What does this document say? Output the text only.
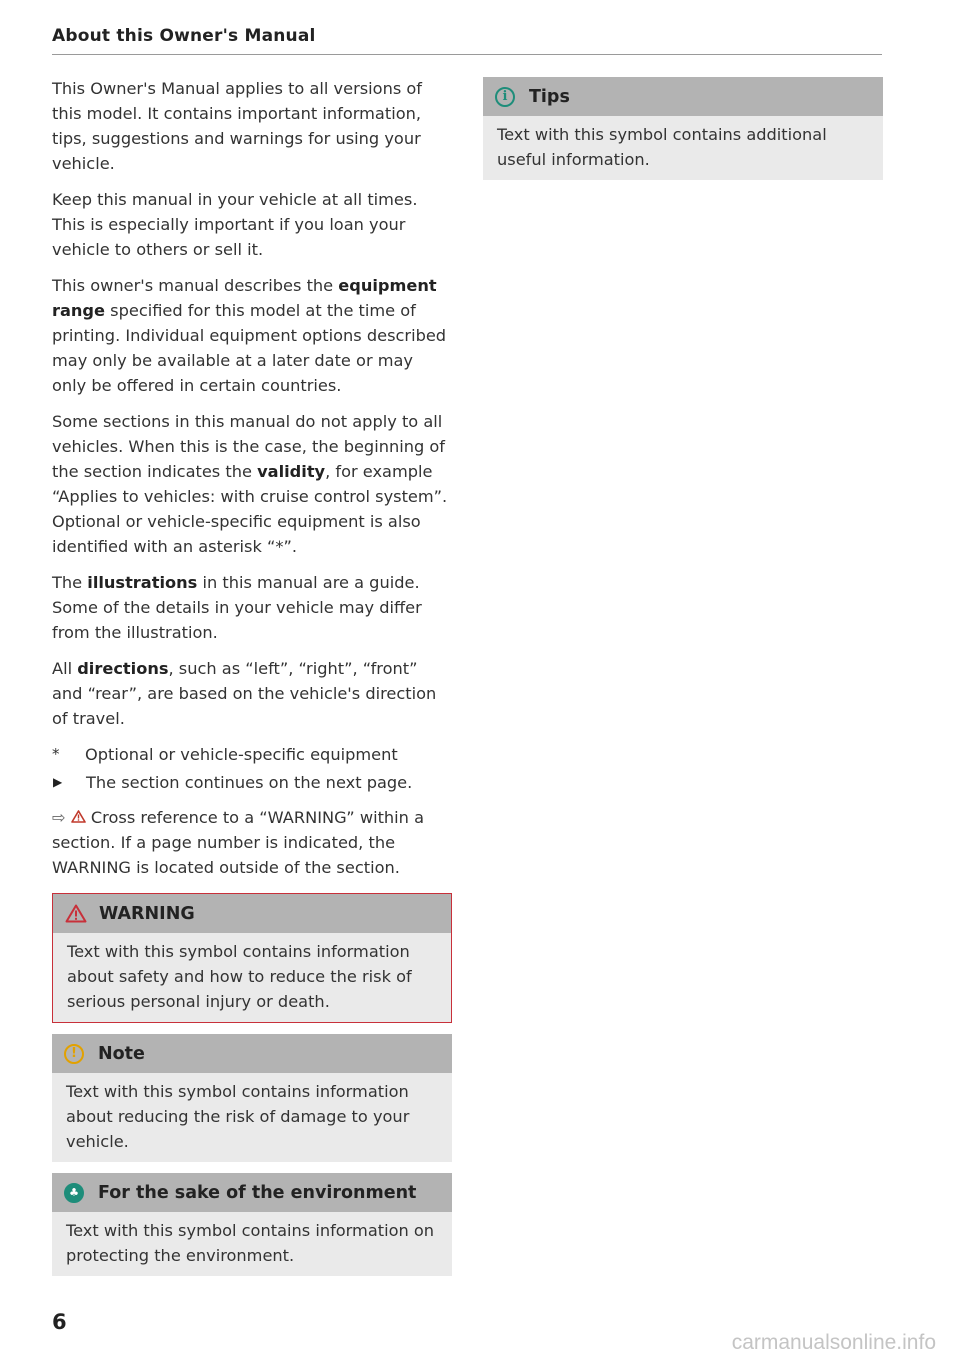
About this Owner's Manual

This Owner's Manual applies to all versions of this model. It contains important information, tips, suggestions and warnings for using your vehicle.

Keep this manual in your vehicle at all times. This is especially important if you loan your vehicle to others or sell it.

This owner's manual describes the equipment range specified for this model at the time of printing. Individual equipment options described may only be available at a later date or may only be offered in certain countries.

Some sections in this manual do not apply to all vehicles. When this is the case, the beginning of the section indicates the validity, for example “Applies to vehicles: with cruise control system”. Optional or vehicle-specific equipment is also identified with an asterisk “*”.

The illustrations in this manual are a guide. Some of the details in your vehicle may differ from the illustration.

All directions, such as “left”, “right”, “front” and “rear”, are based on the vehicle's direction of travel.

*	Optional or vehicle-specific equipment
▶	The section continues on the next page.

⇨  Cross reference to a “WARNING” within a section. If a page number is indicated, the WARNING is located outside of the section.

WARNING
Text with this symbol contains information about safety and how to reduce the risk of serious personal injury or death.
!	Note
Text with this symbol contains information about reducing the risk of damage to your vehicle.
♣ For the sake of the environment
Text with this symbol contains information on protecting the environment.
i	Tips
Text with this symbol contains additional useful information.
6
carmanualsonline.info
